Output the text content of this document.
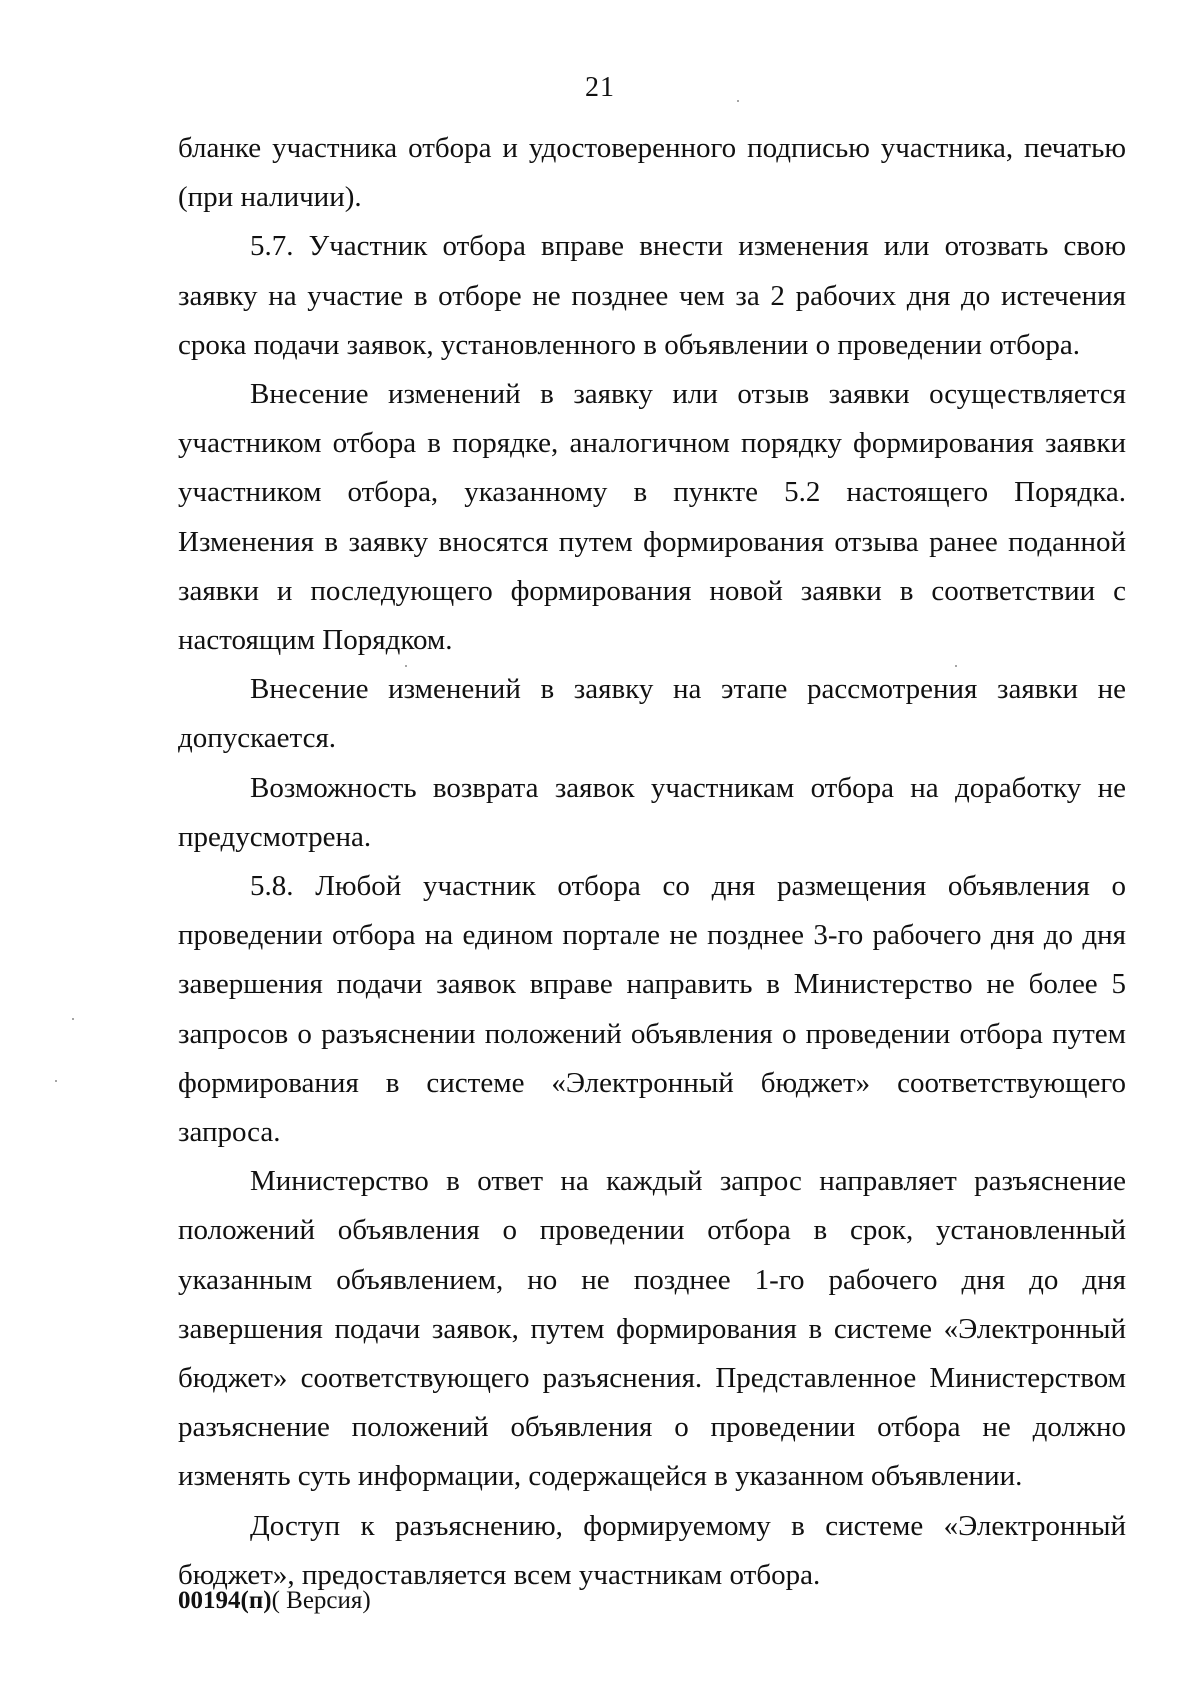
21

бланке участника отбора и удостоверенного подписью участника, печатью (при наличии).

5.7. Участник отбора вправе внести изменения или отозвать свою заявку на участие в отборе не позднее чем за 2 рабочих дня до истечения срока подачи заявок, установленного в объявлении о проведении отбора.

Внесение изменений в заявку или отзыв заявки осуществляется участником отбора в порядке, аналогичном порядку формирования заявки участником отбора, указанному в пункте 5.2 настоящего Порядка. Изменения в заявку вносятся путем формирования отзыва ранее поданной заявки и последующего формирования новой заявки в соответствии с настоящим Порядком.

Внесение изменений в заявку на этапе рассмотрения заявки не допускается.

Возможность возврата заявок участникам отбора на доработку не предусмотрена.

5.8. Любой участник отбора со дня размещения объявления о проведении отбора на едином портале не позднее 3-го рабочего дня до дня завершения подачи заявок вправе направить в Министерство не более 5 запросов о разъяснении положений объявления о проведении отбора путем формирования в системе «Электронный бюджет» соответствующего запроса.

Министерство в ответ на каждый запрос направляет разъяснение положений объявления о проведении отбора в срок, установленный указанным объявлением, но не позднее 1-го рабочего дня до дня завершения подачи заявок, путем формирования в системе «Электронный бюджет» соответствующего разъяснения. Представленное Министерством разъяснение положений объявления о проведении отбора не должно изменять суть информации, содержащейся в указанном объявлении.

Доступ к разъяснению, формируемому в системе «Электронный бюджет», предоставляется всем участникам отбора.

00194(п)( Версия)
